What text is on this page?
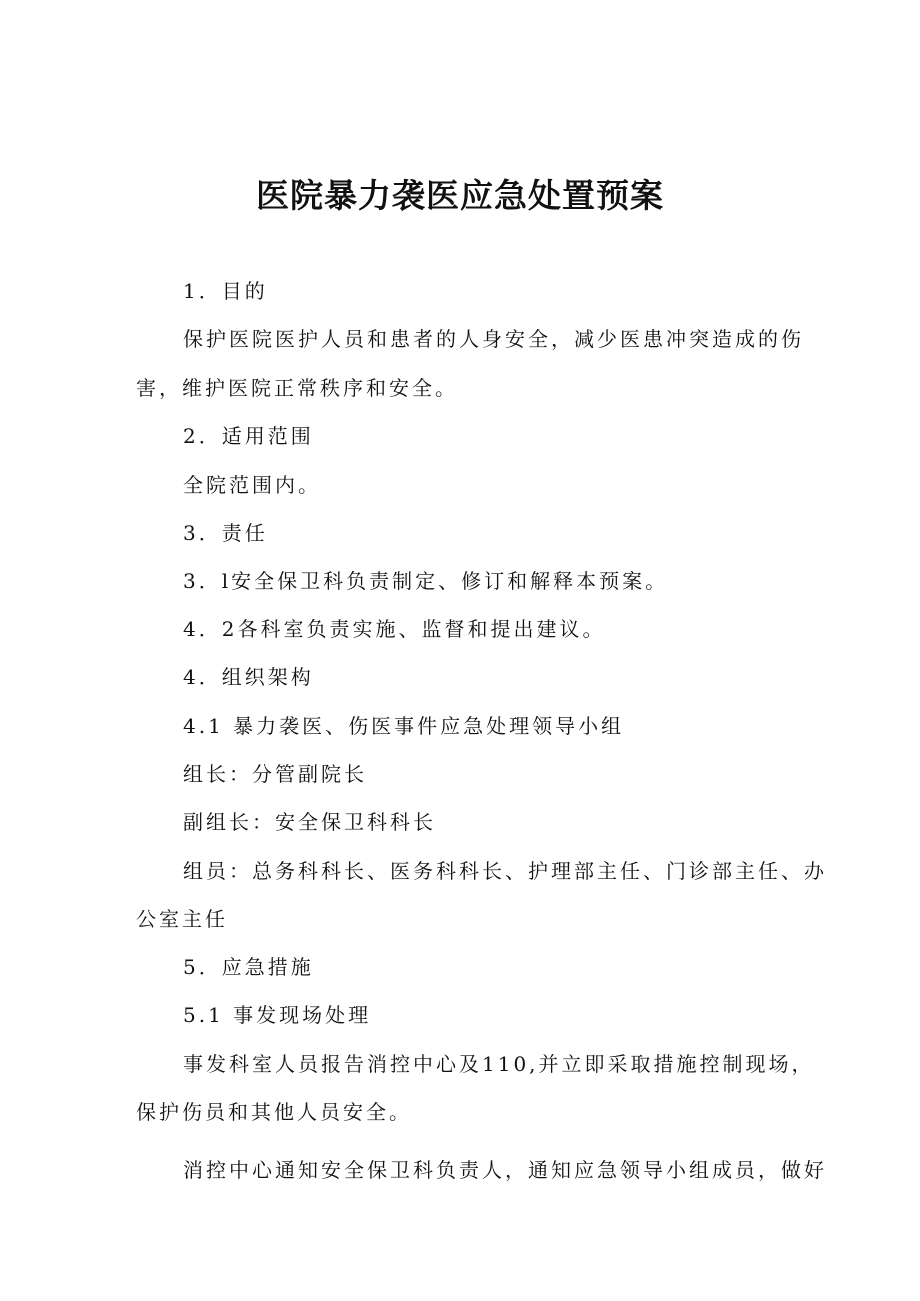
医院暴力袭医应急处置预案
1．目的
保护医院医护人员和患者的人身安全，减少医患冲突造成的伤
害，维护医院正常秩序和安全。
2．适用范围
全院范围内。
3．责任
3．l安全保卫科负责制定、修订和解释本预案。
4．2各科室负责实施、监督和提出建议。
4．组织架构
4.1 暴力袭医、伤医事件应急处理领导小组
组长：分管副院长
副组长：安全保卫科科长
组员：总务科科长、医务科科长、护理部主任、门诊部主任、办
公室主任
5．应急措施
5.1 事发现场处理
事发科室人员报告消控中心及110,并立即采取措施控制现场，
保护伤员和其他人员安全。
消控中心通知安全保卫科负责人，通知应急领导小组成员，做好
